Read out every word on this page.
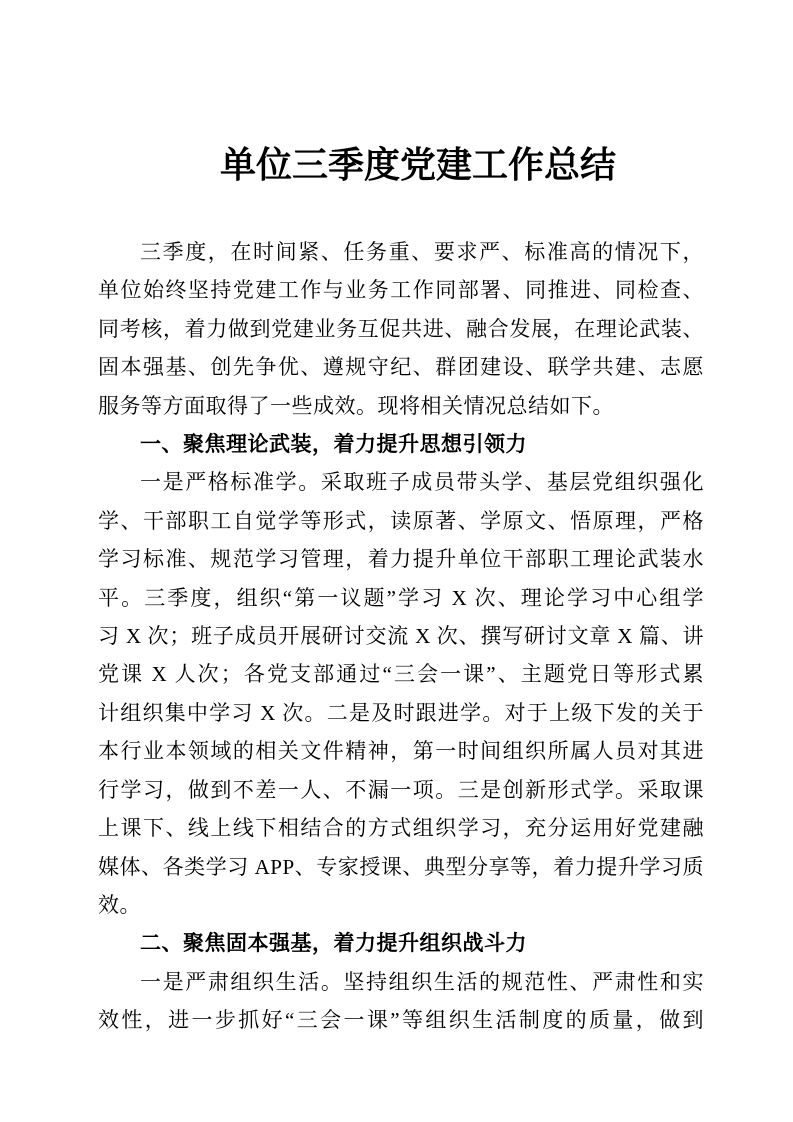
单位三季度党建工作总结
三季度，在时间紧、任务重、要求严、标准高的情况下，
单位始终坚持党建工作与业务工作同部署、同推进、同检查、
同考核，着力做到党建业务互促共进、融合发展，在理论武装、
固本强基、创先争优、遵规守纪、群团建设、联学共建、志愿
服务等方面取得了一些成效。现将相关情况总结如下。
一、聚焦理论武装，着力提升思想引领力
一是严格标准学。采取班子成员带头学、基层党组织强化
学、干部职工自觉学等形式，读原著、学原文、悟原理，严格
学习标准、规范学习管理，着力提升单位干部职工理论武装水
平。三季度，组织“第一议题”学习 X 次、理论学习中心组学
习 X 次；班子成员开展研讨交流 X 次、撰写研讨文章 X 篇、讲
党课 X 人次；各党支部通过“三会一课”、主题党日等形式累
计组织集中学习 X 次。二是及时跟进学。对于上级下发的关于
本行业本领域的相关文件精神，第一时间组织所属人员对其进
行学习，做到不差一人、不漏一项。三是创新形式学。采取课
上课下、线上线下相结合的方式组织学习，充分运用好党建融
媒体、各类学习 APP、专家授课、典型分享等，着力提升学习质
效。
二、聚焦固本强基，着力提升组织战斗力
一是严肃组织生活。坚持组织生活的规范性、严肃性和实
效性，进一步抓好“三会一课”等组织生活制度的质量，做到
